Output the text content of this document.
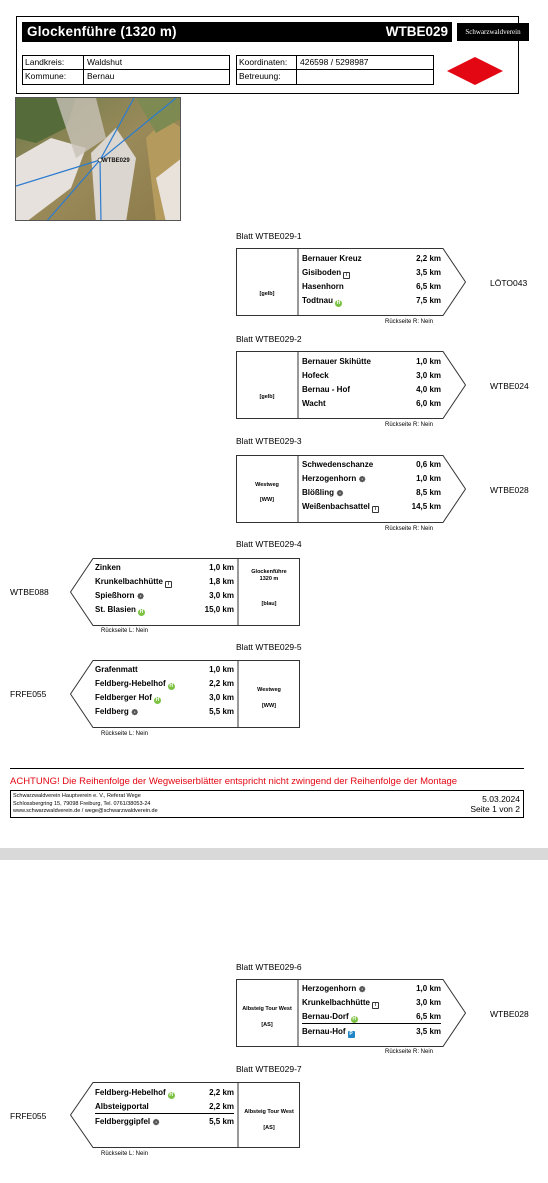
Glockenführe (1320 m)	WTBE029	Schwarzwaldverein
Landkreis:	Waldshut
Kommune:	Bernau
Koordinaten:	426598 / 5298987
Betreuung:
WTBE029
Blatt WTBE029-1
[gelb]
Bernauer Kreuz	2,2 km
Gisiboden i	3,5 km
Hasenhorn	6,5 km
Todtnau H	7,5 km
Rückseite R: Nein
LÖTO043
Blatt WTBE029-2
[gelb]
Bernauer Skihütte	1,0 km
Hofeck	3,0 km
Bernau - Hof	4,0 km
Wacht	6,0 km
Rückseite R: Nein
WTBE024
Blatt WTBE029-3
Westweg
[WW]
Schwedenschanze	0,6 km
Herzogenhorn ❁	1,0 km
Blößling ❁	8,5 km
Weißenbachsattel i	14,5 km
Rückseite R: Nein
WTBE028
Blatt WTBE029-4
Glockenführe
1320 m
[blau]
Zinken	1,0 km
Krunkelbachhütte i	1,8 km
Spießhorn ❁	3,0 km
St. Blasien H	15,0 km
Rückseite L: Nein
WTBE088
Blatt WTBE029-5
Westweg
[WW]
Grafenmatt	1,0 km
Feldberg-Hebelhof H	2,2 km
Feldberger Hof H	3,0 km
Feldberg ❁	5,5 km
Rückseite L: Nein
FRFE055
ACHTUNG! Die Reihenfolge der Wegweiserblätter entspricht nicht zwingend der Reihenfolge der Montage
Schwarzwaldverein Hauptverein e. V., Referat Wege
Schlossbergring 15, 79098 Freiburg, Tel. 0761/38053-24
www.schwarzwaldverein.de / wege@schwarzwaldverein.de
5.03.2024
Seite 1 von 2
Blatt WTBE029-6
Albsteig Tour West
[AS]
Herzogenhorn ❁	1,0 km
Krunkelbachhütte i	3,0 km
Bernau-Dorf H	6,5 km
Bernau-Hof P	3,5 km
Rückseite R: Nein
WTBE028
Blatt WTBE029-7
Albsteig Tour West
[AS]
Feldberg-Hebelhof H	2,2 km
Albsteigportal	2,2 km
Feldberggipfel ❁	5,5 km
Rückseite L: Nein
FRFE055
